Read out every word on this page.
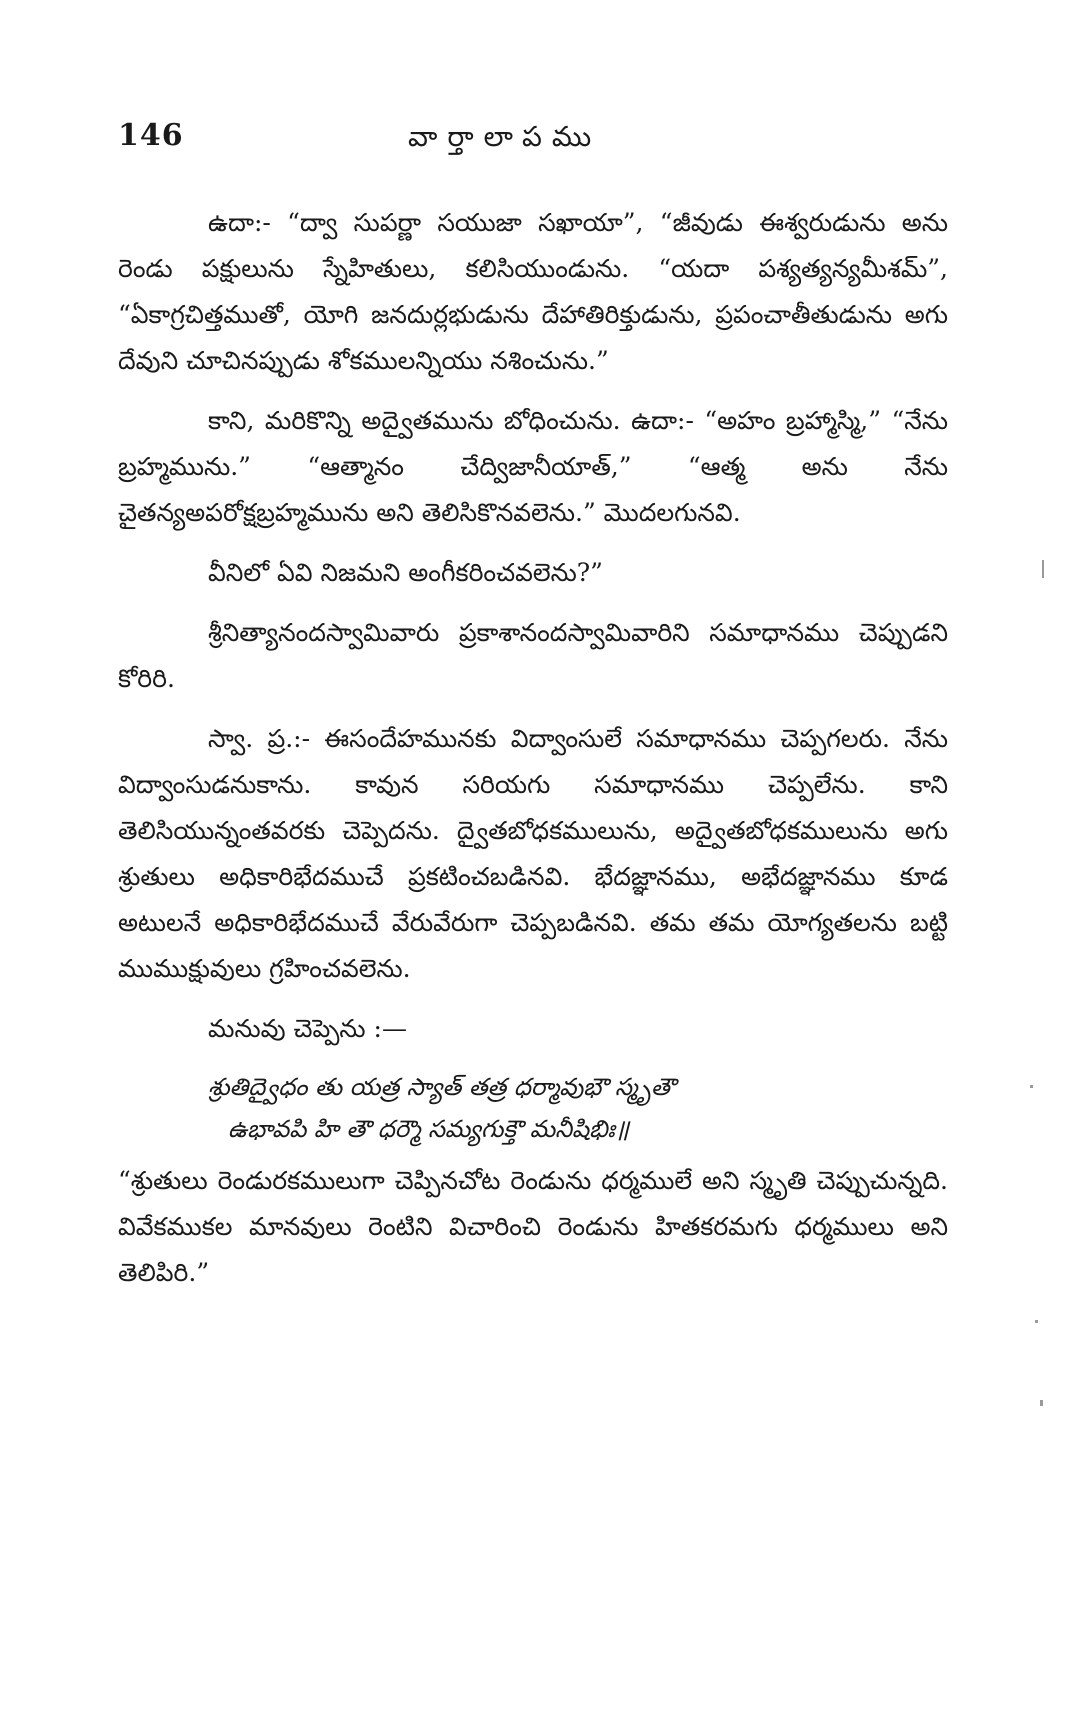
146	వార్తాలాపము

ఉదా:- “ద్వా సుపర్ణా సయుజా సఖాయా”, “జీవుడు ఈశ్వరుడును అను రెండు పక్షులును స్నేహితులు, కలిసియుండును. “యదా పశ్యత్యన్యమీశమ్”, “ఏకాగ్రచిత్తముతో, యోగి జనదుర్లభుడును దేహాతిరిక్తుడును, ప్రపంచాతీతుడును అగు దేవుని చూచినప్పుడు శోకములన్నియు నశించును.”

కాని, మరికొన్ని అద్వైతమును బోధించును. ఉదా:- “అహం బ్రహ్మాస్మి,” “నేను బ్రహ్మమును.” “ఆత్మానం చేద్విజానీయాత్,” “ఆత్మ అను నేను చైతన్యఅపరోక్షబ్రహ్మమును అని తెలిసికొనవలెను.” మొదలగునవి.

వీనిలో ఏవి నిజమని అంగీకరించవలెను?”

శ్రీనిత్యానందస్వామివారు ప్రకాశానందస్వామివారిని సమాధానము చెప్పుడని కోరిరి.

స్వా. ప్ర.:- ఈసందేహమునకు విద్వాంసులే సమాధానము చెప్పగలరు. నేను విద్వాంసుడనుకాను. కావున సరియగు సమాధానము చెప్పలేను. కాని తెలిసియున్నంతవరకు చెప్పెదను. ద్వైతబోధకములును, అద్వైతబోధకములును అగు శ్రుతులు అధికారిభేదముచే ప్రకటించబడినవి. భేదజ్ఞానము, అభేదజ్ఞానము కూడ అటులనే అధికారిభేదముచే వేరువేరుగా చెప్పబడినవి. తమ తమ యోగ్యతలను బట్టి ముముక్షువులు గ్రహించవలెను.

మనువు చెప్పెను :—

శ్రుతిద్వైధం తు యత్ర స్యాత్ తత్ర ధర్మావుభౌ స్మృతౌ
ఉభావపి హి తౌ ధర్మౌ సమ్యగుక్తౌ మనీషిభిః॥

“శ్రుతులు రెండురకములుగా చెప్పినచోట రెండును ధర్మములే అని స్మృతి చెప్పుచున్నది. వివేకముకల మానవులు రెంటిని విచారించి రెండును హితకరమగు ధర్మములు అని తెలిపిరి.”
